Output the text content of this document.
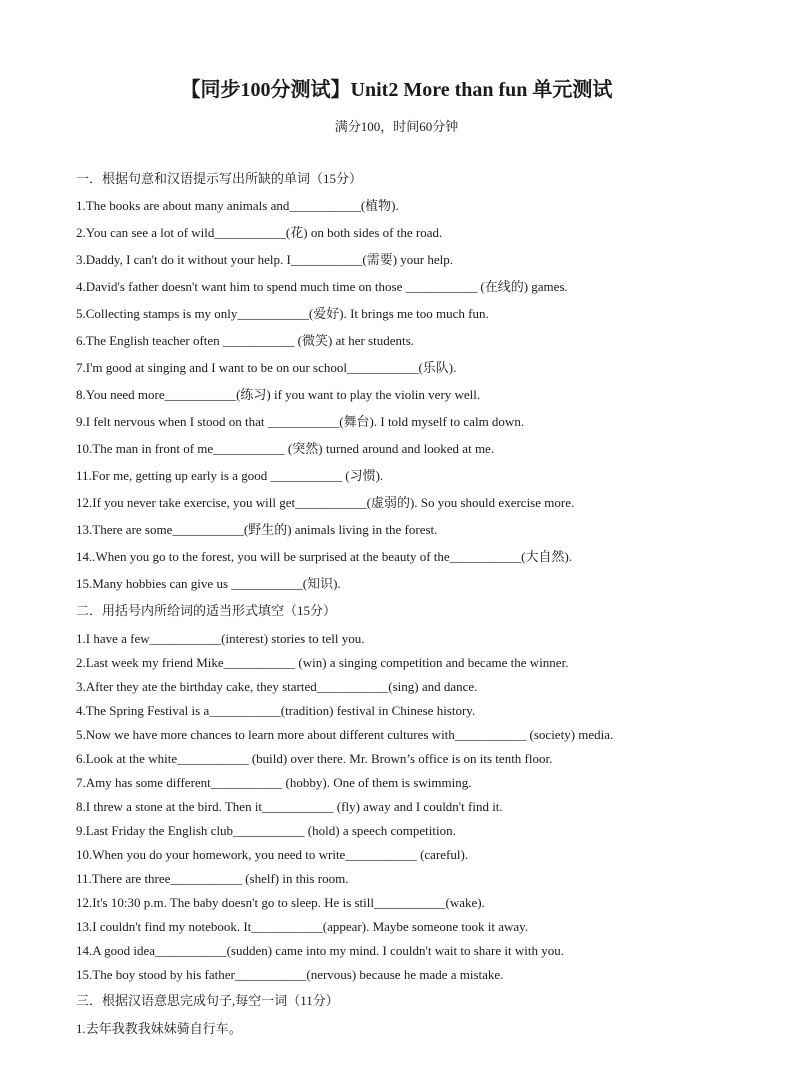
【同步100分测试】Unit2 More than fun 单元测试
满分100，时间60分钟
一．根据句意和汉语提示写出所缺的单词（15分）
1.The books are about many animals and___________(植物).
2.You can see a lot of wild___________(花) on both sides of the road.
3.Daddy, I can't do it without your help. I___________(需要) your help.
4.David's father doesn't want him to spend much time on those ___________ (在线的) games.
5.Collecting stamps is my only___________(爱好). It brings me too much fun.
6.The English teacher often ___________ (微笑) at her students.
7.I'm good at singing and I want to be on our school___________(乐队).
8.You need more___________(练习) if you want to play the violin very well.
9.I felt nervous when I stood on that ___________(舞台). I told myself to calm down.
10.The man in front of me___________ (突然) turned around and looked at me.
11.For me, getting up early is a good ___________ (习惯).
12.If you never take exercise, you will get___________(虚弱的). So you should exercise more.
13.There are some___________(野生的) animals living in the forest.
14..When you go to the forest, you will be surprised at the beauty of the___________(大自然).
15.Many hobbies can give us ___________(知识).
二．用括号内所给词的适当形式填空（15分）
1.I have a few___________(interest) stories to tell you.
2.Last week my friend Mike___________ (win) a singing competition and became the winner.
3.After they ate the birthday cake, they started___________(sing) and dance.
4.The Spring Festival is a___________(tradition) festival in Chinese history.
5.Now we have more chances to learn more about different cultures with___________ (society) media.
6.Look at the white___________ (build) over there. Mr. Brown’s office is on its tenth floor.
7.Amy has some different___________ (hobby). One of them is swimming.
8.I threw a stone at the bird. Then it___________ (fly) away and I couldn't find it.
9.Last Friday the English club___________ (hold) a speech competition.
10.When you do your homework, you need to write___________ (careful).
11.There are three___________ (shelf) in this room.
12.It's 10:30 p.m. The baby doesn't go to sleep. He is still___________(wake).
13.I couldn't find my notebook. It___________(appear). Maybe someone took it away.
14.A good idea___________(sudden) came into my mind. I couldn't wait to share it with you.
15.The boy stood by his father___________(nervous) because he made a mistake.
三．根据汉语意思完成句子,每空一词（11分）
1.去年我教我妹妹骑自行车。
